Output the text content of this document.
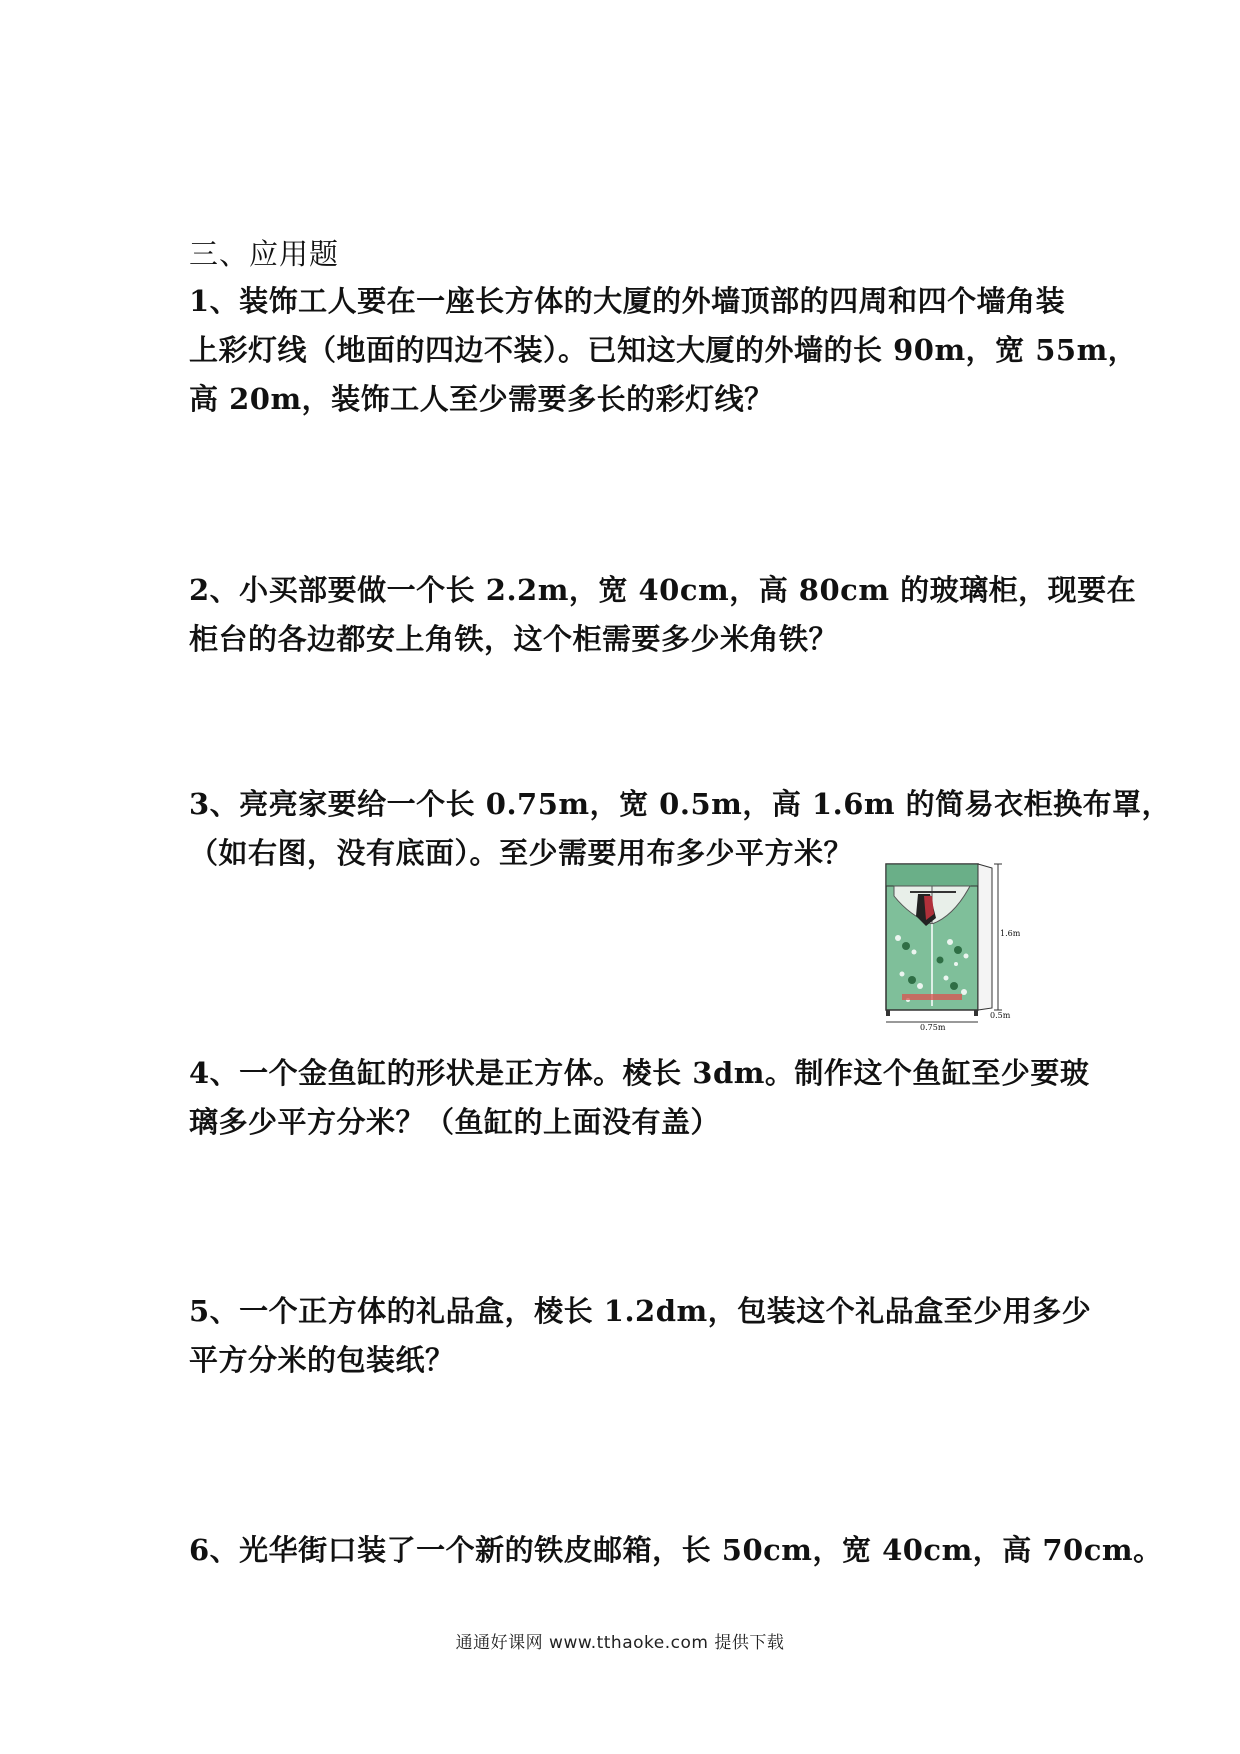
三、应用题

1、装饰工人要在一座长方体的大厦的外墙顶部的四周和四个墙角装
上彩灯线（地面的四边不装）。已知这大厦的外墙的长 90m，宽 55m，
高 20m，装饰工人至少需要多长的彩灯线？

2、小买部要做一个长 2.2m，宽 40cm，高 80cm 的玻璃柜，现要在
柜台的各边都安上角铁，这个柜需要多少米角铁？

3、亮亮家要给一个长 0.75m，宽 0.5m，高 1.6m 的简易衣柜换布罩，
（如右图，没有底面）。至少需要用布多少平方米？

1.6m
0.75m
0.5m

4、一个金鱼缸的形状是正方体。棱长 3dm。制作这个鱼缸至少要玻
璃多少平方分米？（鱼缸的上面没有盖）

5、一个正方体的礼品盒，棱长 1.2dm，包装这个礼品盒至少用多少
平方分米的包装纸？

6、光华街口装了一个新的铁皮邮箱，长 50cm，宽 40cm，高 70cm。

通通好课网 www.tthaoke.com 提供下载
